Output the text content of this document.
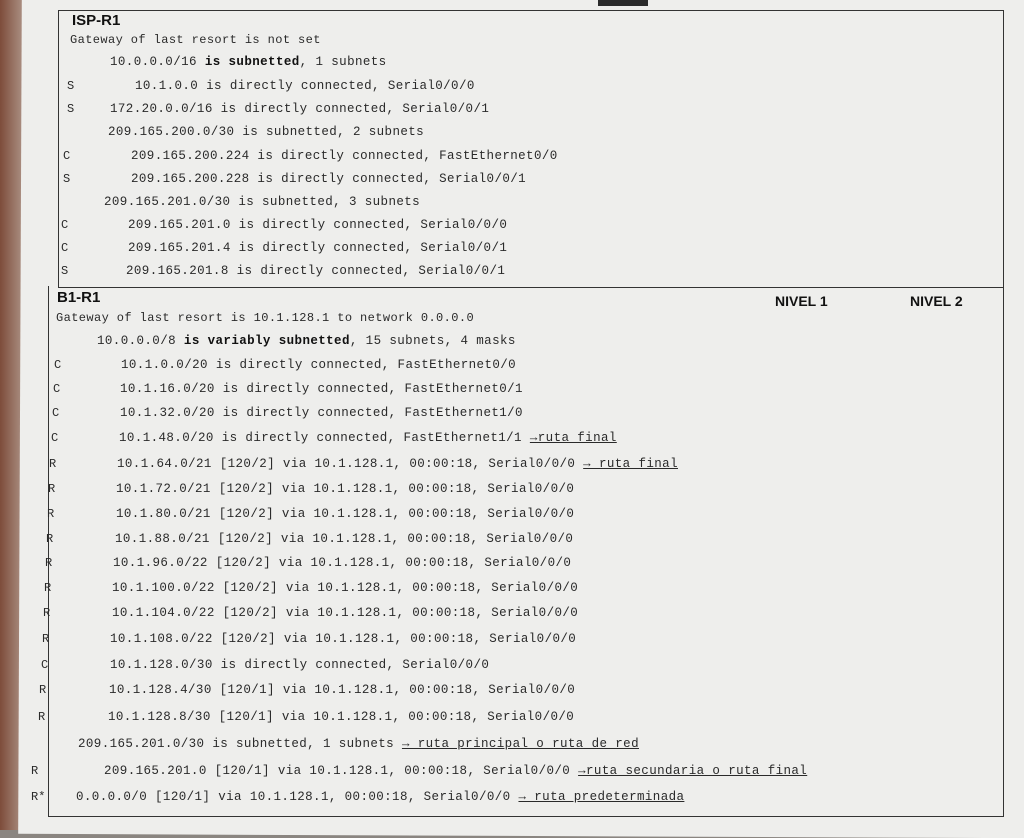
ISP-R1
Gateway of last resort is not set
10.0.0.0/16 is subnetted, 1 subnets
S	10.1.0.0 is directly connected, Serial0/0/0
S	172.20.0.0/16 is directly connected, Serial0/0/1
209.165.200.0/30 is subnetted, 2 subnets
C	209.165.200.224 is directly connected, FastEthernet0/0
S	209.165.200.228 is directly connected, Serial0/0/1
209.165.201.0/30 is subnetted, 3 subnets
C	209.165.201.0 is directly connected, Serial0/0/0
C	209.165.201.4 is directly connected, Serial0/0/1
S	209.165.201.8 is directly connected, Serial0/0/1
B1-R1	NIVEL 1	NIVEL 2
Gateway of last resort is 10.1.128.1 to network 0.0.0.0
10.0.0.0/8 is variably subnetted, 15 subnets, 4 masks
C	10.1.0.0/20 is directly connected, FastEthernet0/0
C	10.1.16.0/20 is directly connected, FastEthernet0/1
C	10.1.32.0/20 is directly connected, FastEthernet1/0
C	10.1.48.0/20 is directly connected, FastEthernet1/1 →ruta final
R	10.1.64.0/21 [120/2] via 10.1.128.1, 00:00:18, Serial0/0/0 → ruta final
R	10.1.72.0/21 [120/2] via 10.1.128.1, 00:00:18, Serial0/0/0
R	10.1.80.0/21 [120/2] via 10.1.128.1, 00:00:18, Serial0/0/0
R	10.1.88.0/21 [120/2] via 10.1.128.1, 00:00:18, Serial0/0/0
R	10.1.96.0/22 [120/2] via 10.1.128.1, 00:00:18, Serial0/0/0
R	10.1.100.0/22 [120/2] via 10.1.128.1, 00:00:18, Serial0/0/0
R	10.1.104.0/22 [120/2] via 10.1.128.1, 00:00:18, Serial0/0/0
R	10.1.108.0/22 [120/2] via 10.1.128.1, 00:00:18, Serial0/0/0
C	10.1.128.0/30 is directly connected, Serial0/0/0
R	10.1.128.4/30 [120/1] via 10.1.128.1, 00:00:18, Serial0/0/0
R	10.1.128.8/30 [120/1] via 10.1.128.1, 00:00:18, Serial0/0/0
209.165.201.0/30 is subnetted, 1 subnets → ruta principal o ruta de red
R	209.165.201.0 [120/1] via 10.1.128.1, 00:00:18, Serial0/0/0 →ruta secundaria o ruta final
R* 0.0.0.0/0 [120/1] via 10.1.128.1, 00:00:18, Serial0/0/0 → ruta predeterminada
